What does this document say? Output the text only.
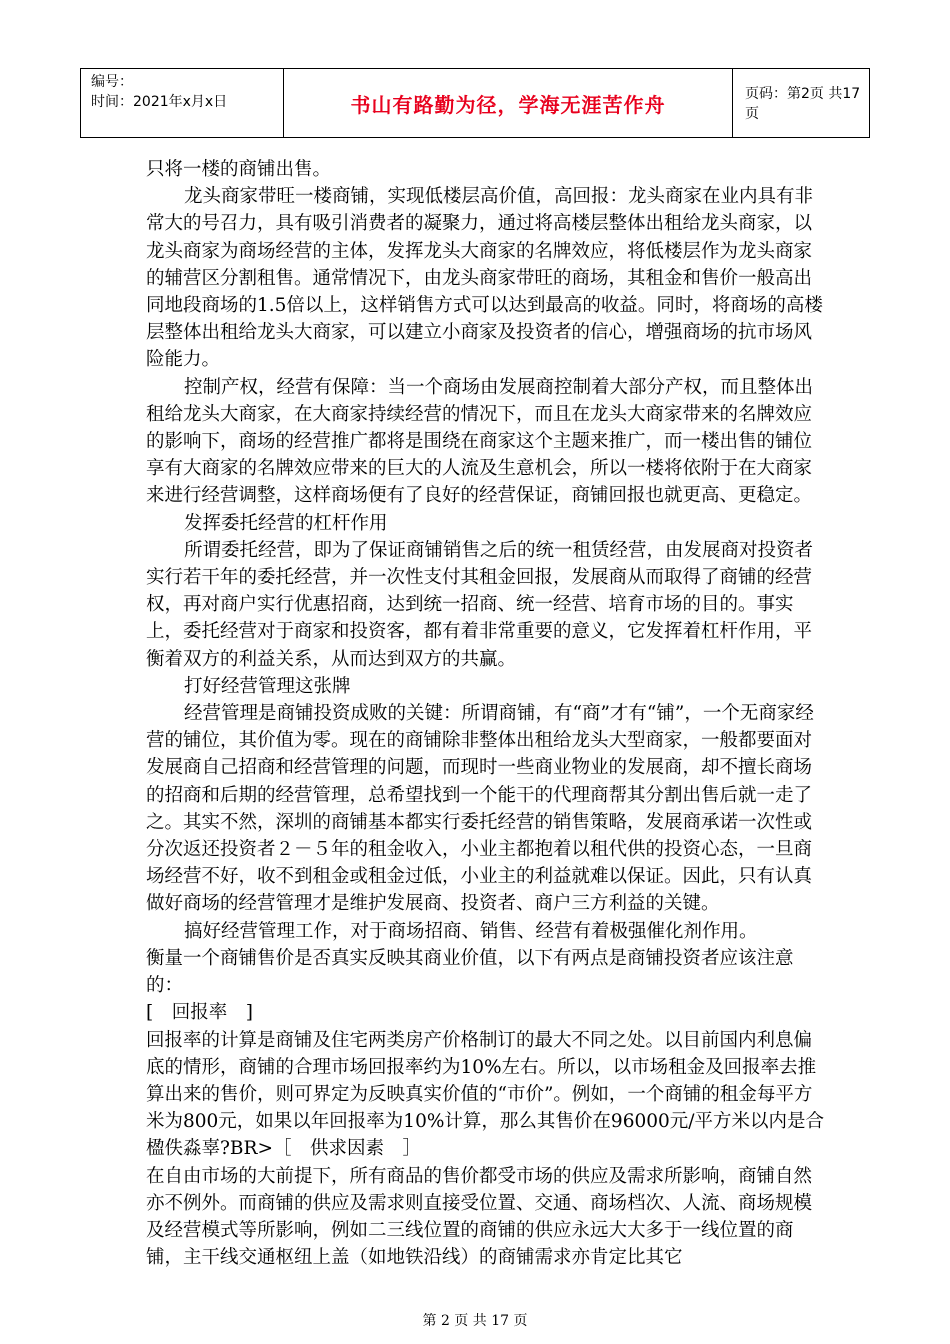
编号：
时间：2021年x月x日	书山有路勤为径，学海无涯苦作舟	页码：第2页 共17页

只将一楼的商铺出售。

龙头商家带旺一楼商铺，实现低楼层高价值，高回报：龙头商家在业内具有非常大的号召力，具有吸引消费者的凝聚力，通过将高楼层整体出租给龙头商家，以龙头商家为商场经营的主体，发挥龙头大商家的名牌效应，将低楼层作为龙头商家的辅营区分割租售。通常情况下，由龙头商家带旺的商场，其租金和售价一般高出同地段商场的1.5倍以上，这样销售方式可以达到最高的收益。同时，将商场的高楼层整体出租给龙头大商家，可以建立小商家及投资者的信心，增强商场的抗市场风险能力。

控制产权，经营有保障：当一个商场由发展商控制着大部分产权，而且整体出租给龙头大商家，在大商家持续经营的情况下，而且在龙头大商家带来的名牌效应的影响下，商场的经营推广都将是围绕在商家这个主题来推广，而一楼出售的铺位享有大商家的名牌效应带来的巨大的人流及生意机会，所以一楼将依附于在大商家来进行经营调整，这样商场便有了良好的经营保证，商铺回报也就更高、更稳定。

发挥委托经营的杠杆作用

所谓委托经营，即为了保证商铺销售之后的统一租赁经营，由发展商对投资者实行若干年的委托经营，并一次性支付其租金回报，发展商从而取得了商铺的经营权，再对商户实行优惠招商，达到统一招商、统一经营、培育市场的目的。事实上，委托经营对于商家和投资客，都有着非常重要的意义，它发挥着杠杆作用，平衡着双方的利益关系，从而达到双方的共赢。

打好经营管理这张牌

经营管理是商铺投资成败的关键：所谓商铺，有“商”才有“铺”，一个无商家经营的铺位，其价值为零。现在的商铺除非整体出租给龙头大型商家，一般都要面对发展商自己招商和经营管理的问题，而现时一些商业物业的发展商，却不擅长商场的招商和后期的经营管理，总希望找到一个能干的代理商帮其分割出售后就一走了之。其实不然，深圳的商铺基本都实行委托经营的销售策略，发展商承诺一次性或分次返还投资者２－５年的租金收入，小业主都抱着以租代供的投资心态，一旦商场经营不好，收不到租金或租金过低，小业主的利益就难以保证。因此，只有认真做好商场的经营管理才是维护发展商、投资者、商户三方利益的关键。

搞好经营管理工作，对于商场招商、销售、经营有着极强催化剂作用。

衡量一个商铺售价是否真实反映其商业价值，以下有两点是商铺投资者应该注意的：

[　回报率　]

回报率的计算是商铺及住宅两类房产价格制订的最大不同之处。以目前国内利息偏底的情形，商铺的合理市场回报率约为10%左右。所以，以市场租金及回报率去推算出来的售价，则可界定为反映真实价值的“市价”。例如，一个商铺的租金每平方米为800元，如果以年回报率为10%计算，那么其售价在96000元/平方米以内是合楹佚淼辜?BR>［　供求因素　］

在自由市场的大前提下，所有商品的售价都受市场的供应及需求所影响，商铺自然亦不例外。而商铺的供应及需求则直接受位置、交通、商场档次、人流、商场规模及经营模式等所影响，例如二三线位置的商铺的供应永远大大多于一线位置的商铺，主干线交通枢纽上盖（如地铁沿线）的商铺需求亦肯定比其它

第 2 页 共 17 页
